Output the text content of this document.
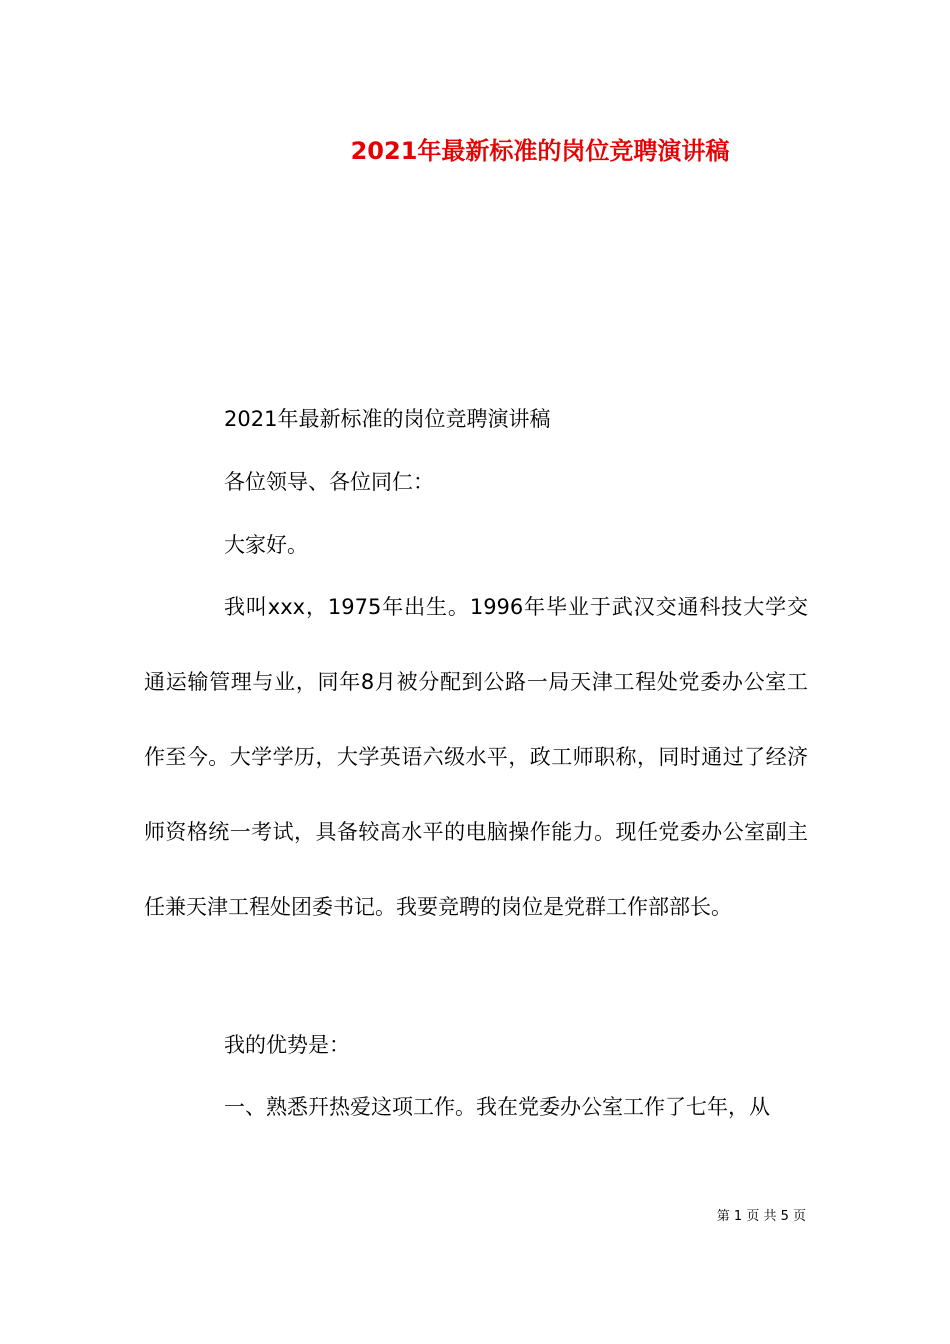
2021年最新标准的岗位竞聘演讲稿

2021年最新标准的岗位竞聘演讲稿

各位领导、各位同仁：

大家好。

我叫xxx，1975年出生。1996年毕业于武汉交通科技大学交通运输管理与业，同年8月被分配到公路一局天津工程处党委办公室工作至今。大学学历，大学英语六级水平，政工师职称，同时通过了经济师资格统一考试，具备较高水平的电脑操作能力。现任党委办公室副主任兼天津工程处团委书记。我要竞聘的岗位是党群工作部部长。

我的优势是：

一、熟悉幵热爱这项工作。我在党委办公室工作了七年，从

第 1 页 共 5 页
